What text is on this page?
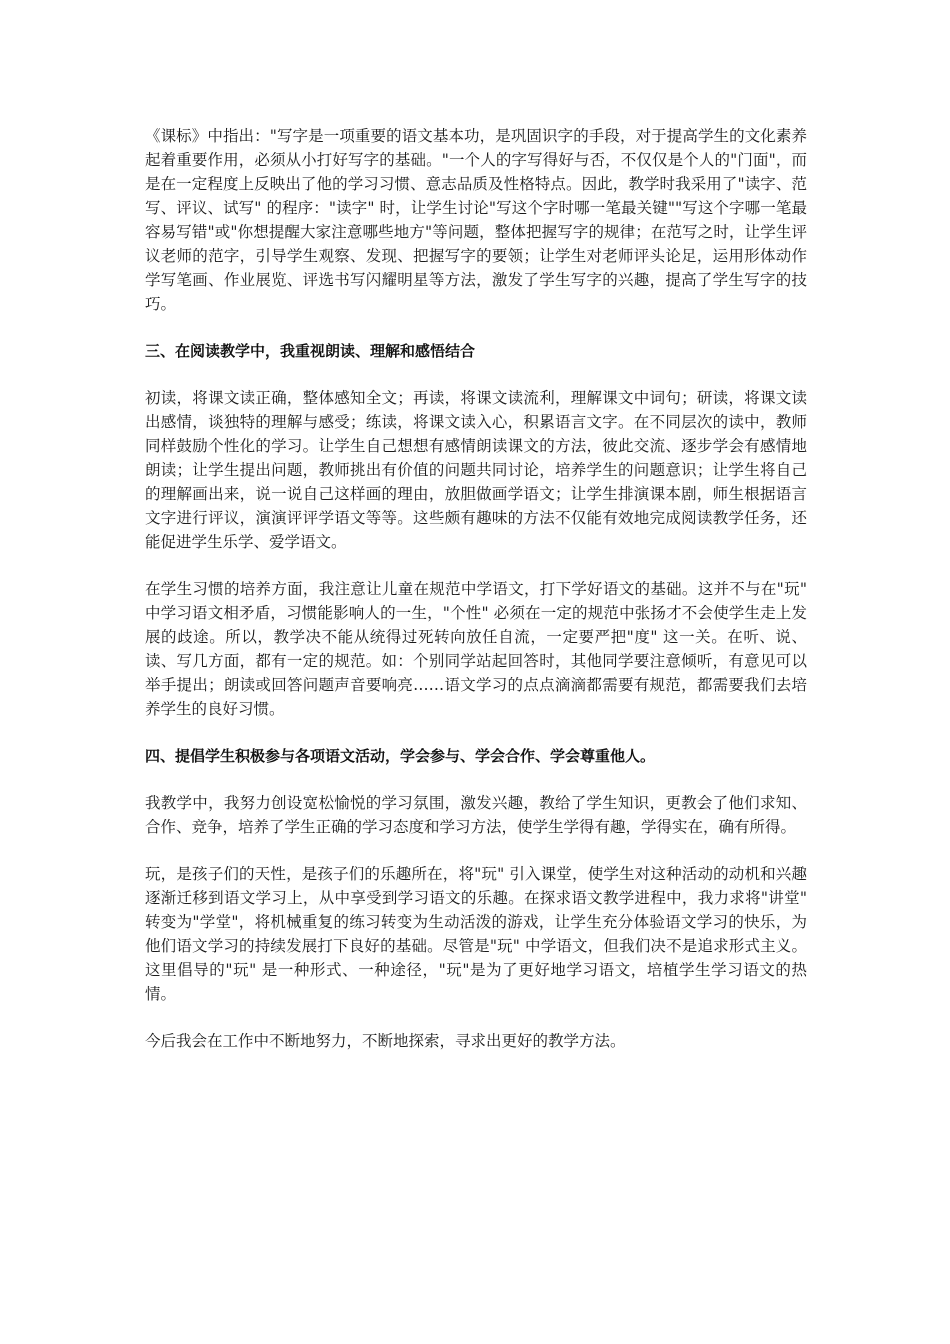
《课标》中指出："写字是一项重要的语文基本功，是巩固识字的手段，对于提高学生的文化素养起着重要作用，必须从小打好写字的基础。"一个人的字写得好与否，不仅仅是个人的"门面"，而是在一定程度上反映出了他的学习习惯、意志品质及性格特点。因此，教学时我采用了"读字、范写、评议、试写" 的程序："读字" 时，让学生讨论"写这个字时哪一笔最关键""写这个字哪一笔最容易写错"或"你想提醒大家注意哪些地方"等问题，整体把握写字的规律；在范写之时，让学生评议老师的范字，引导学生观察、发现、把握写字的要领；让学生对老师评头论足，运用形体动作学写笔画、作业展览、评选书写闪耀明星等方法，激发了学生写字的兴趣，提高了学生写字的技巧。

三、在阅读教学中，我重视朗读、理解和感悟结合

初读，将课文读正确，整体感知全文；再读，将课文读流利，理解课文中词句；研读，将课文读出感情，谈独特的理解与感受；练读，将课文读入心，积累语言文字。在不同层次的读中，教师同样鼓励个性化的学习。让学生自己想想有感情朗读课文的方法，彼此交流、逐步学会有感情地朗读；让学生提出问题，教师挑出有价值的问题共同讨论，培养学生的问题意识；让学生将自己的理解画出来，说一说自己这样画的理由，放胆做画学语文；让学生排演课本剧，师生根据语言文字进行评议，演演评评学语文等等。这些颇有趣味的方法不仅能有效地完成阅读教学任务，还能促进学生乐学、爱学语文。

在学生习惯的培养方面，我注意让儿童在规范中学语文，打下学好语文的基础。这并不与在"玩" 中学习语文相矛盾，习惯能影响人的一生，"个性" 必须在一定的规范中张扬才不会使学生走上发展的歧途。所以，教学决不能从统得过死转向放任自流，一定要严把"度" 这一关。在听、说、读、写几方面，都有一定的规范。如：个别同学站起回答时，其他同学要注意倾听，有意见可以举手提出；朗读或回答问题声音要响亮……语文学习的点点滴滴都需要有规范，都需要我们去培养学生的良好习惯。

四、提倡学生积极参与各项语文活动，学会参与、学会合作、学会尊重他人。

我教学中，我努力创设宽松愉悦的学习氛围，激发兴趣，教给了学生知识，更教会了他们求知、合作、竞争，培养了学生正确的学习态度和学习方法，使学生学得有趣，学得实在，确有所得。

玩，是孩子们的天性，是孩子们的乐趣所在，将"玩" 引入课堂，使学生对这种活动的动机和兴趣逐渐迁移到语文学习上，从中享受到学习语文的乐趣。在探求语文教学进程中，我力求将"讲堂" 转变为"学堂"，将机械重复的练习转变为生动活泼的游戏，让学生充分体验语文学习的快乐，为他们语文学习的持续发展打下良好的基础。尽管是"玩" 中学语文，但我们决不是追求形式主义。这里倡导的"玩" 是一种形式、一种途径，"玩"是为了更好地学习语文，培植学生学习语文的热情。

今后我会在工作中不断地努力，不断地探索，寻求出更好的教学方法。
